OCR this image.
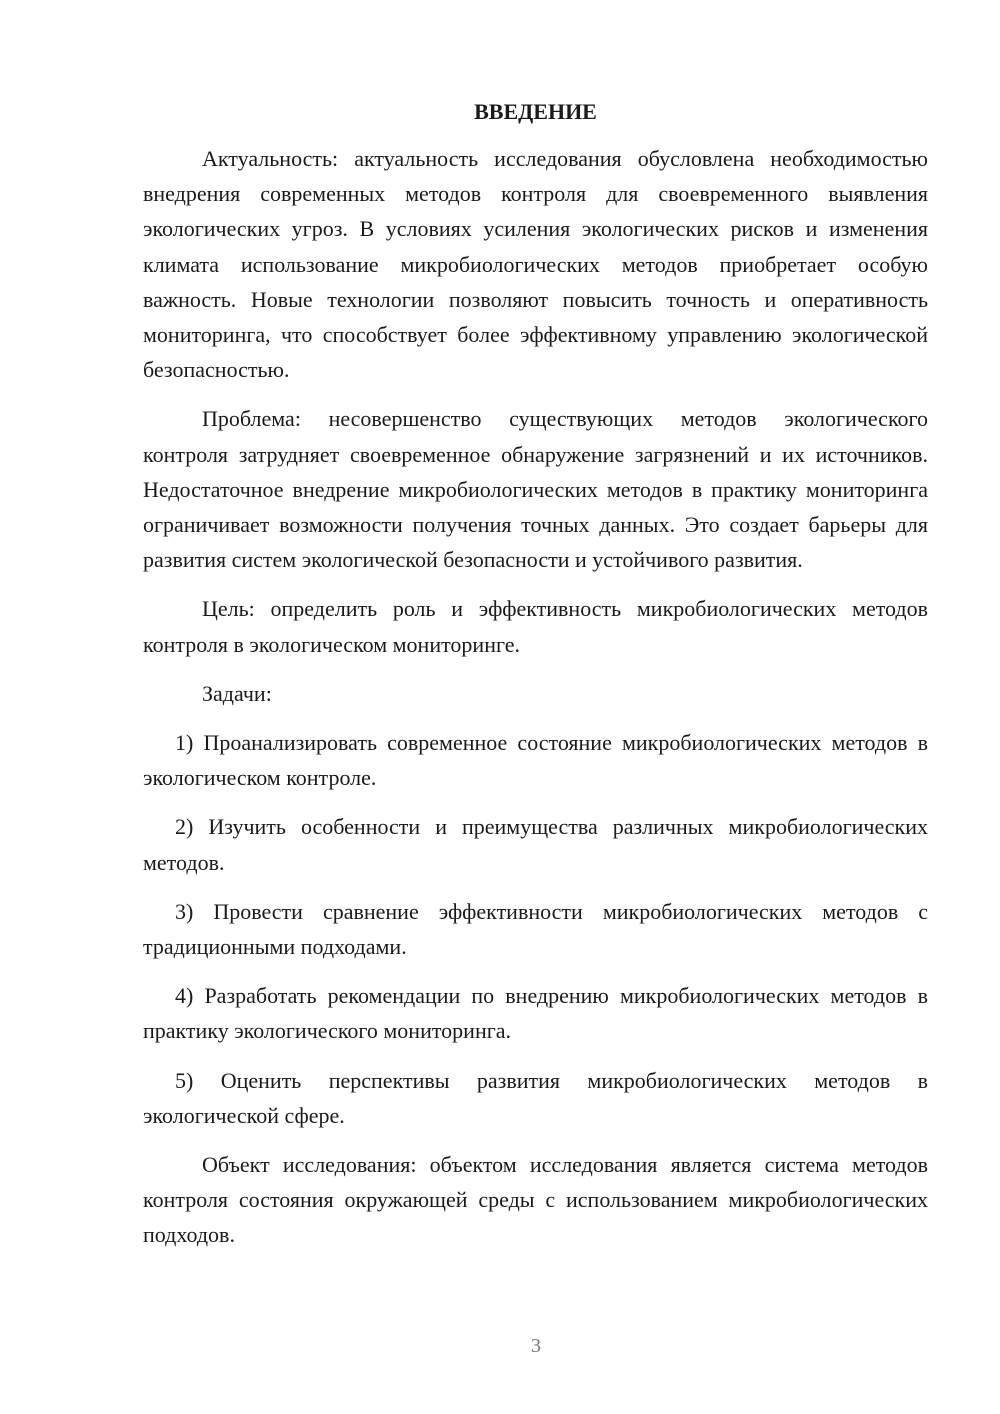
ВВЕДЕНИЕ

Актуальность: актуальность исследования обусловлена необходимостью внедрения современных методов контроля для своевременного выявления экологических угроз. В условиях усиления экологических рисков и изменения климата использование микробиологических методов приобретает особую важность. Новые технологии позволяют повысить точность и оперативность мониторинга, что способствует более эффективному управлению экологической безопасностью.

Проблема: несовершенство существующих методов экологического контроля затрудняет своевременное обнаружение загрязнений и их источников. Недостаточное внедрение микробиологических методов в практику мониторинга ограничивает возможности получения точных данных. Это создает барьеры для развития систем экологической безопасности и устойчивого развития.

Цель: определить роль и эффективность микробиологических методов контроля в экологическом мониторинге.

Задачи:

1) Проанализировать современное состояние микробиологических методов в экологическом контроле.

2) Изучить особенности и преимущества различных микробиологических методов.

3) Провести сравнение эффективности микробиологических методов с традиционными подходами.

4) Разработать рекомендации по внедрению микробиологических методов в практику экологического мониторинга.

5) Оценить перспективы развития микробиологических методов в экологической сфере.

Объект исследования: объектом исследования является система методов контроля состояния окружающей среды с использованием микробиологических подходов.

3
